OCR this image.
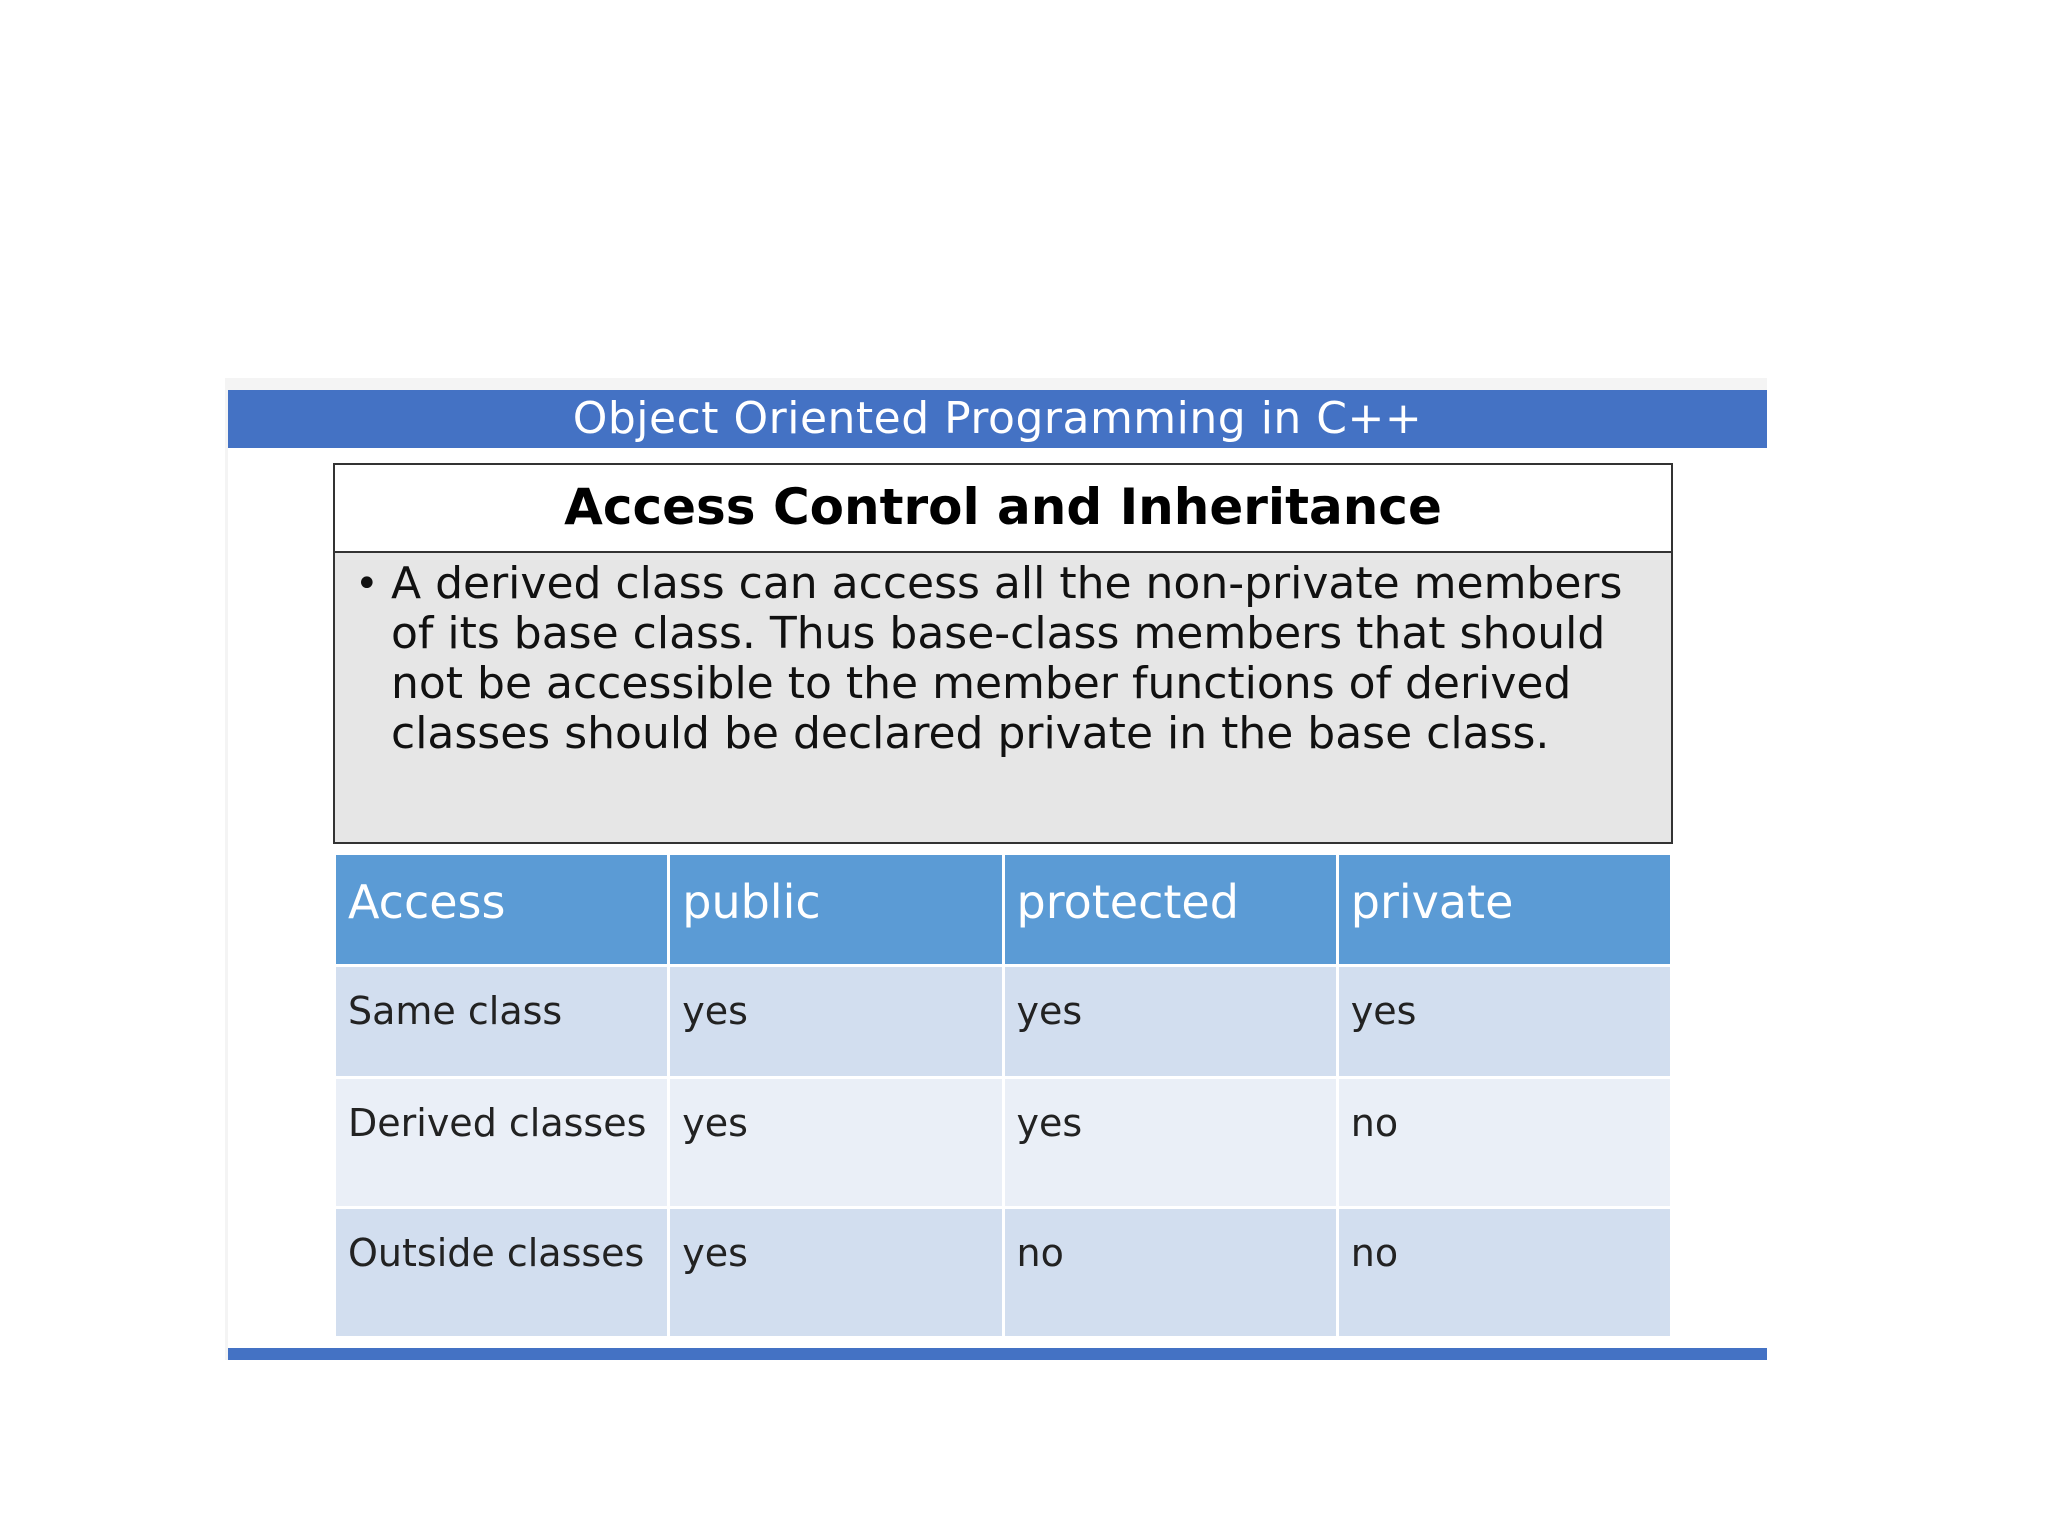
Object Oriented Programming in C++
Access Control and Inheritance
• A derived class can access all the non-private members of its base class. Thus base-class members that should not be accessible to the member functions of derived classes should be declared private in the base class.
Access	public	protected	private
Same class	yes	yes	yes
Derived classes	yes	yes	no
Outside classes	yes	no	no
